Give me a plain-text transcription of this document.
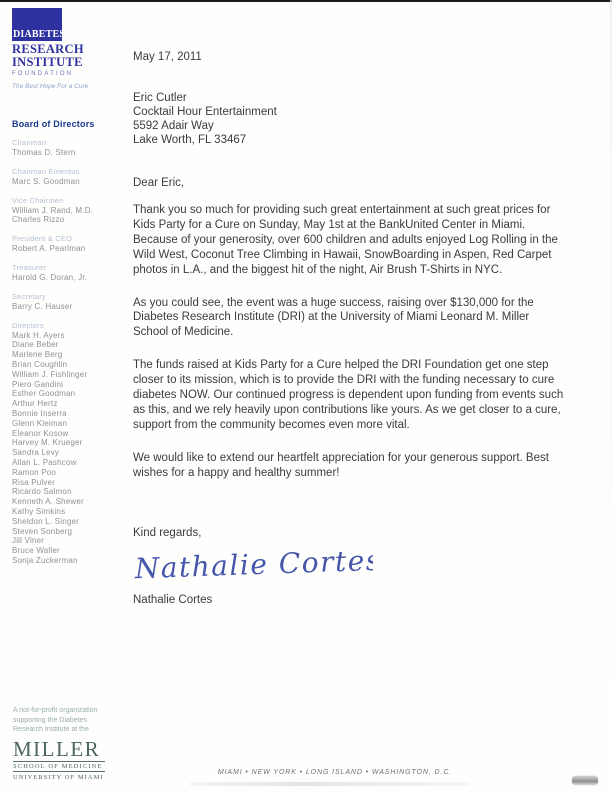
DIABETES
RESEARCH
INSTITUTE
FOUNDATION
The Best Hope For a Cure
Board of Directors
Chairman
Thomas D. Stern
Chairman Emeritus
Marc S. Goodman
Vice Chairmen
William J. Rand, M.D.
Charles Rizzo
President & CEO
Robert A. Pearlman
Treasurer
Harold G. Doran, Jr.
Secretary
Barry C. Hauser
Directors
Mark H. Ayers
Diane Beber
Marlene Berg
Brian Coughlin
William J. Fishlinger
Piero Gandini
Esther Goodman
Arthur Hertz
Bonnie Inserra
Glenn Kleiman
Eleanor Kosow
Harvey M. Krueger
Sandra Levy
Allan L. Pashcow
Ramon Poo
Risa Pulver
Ricardo Salmon
Kenneth A. Shewer
Kathy Simkins
Sheldon L. Singer
Steven Sonberg
Jill Viner
Bruce Waller
Sonja Zuckerman
A not-for-profit organization
supporting the Diabetes
Research Institute at the
MILLER
SCHOOL OF MEDICINE
UNIVERSITY OF MIAMI
May 17, 2011
Eric Cutler
Cocktail Hour Entertainment
5592 Adair Way
Lake Worth, FL 33467
Dear Eric,

Thank you so much for providing such great entertainment at such great prices for Kids Party for a Cure on Sunday, May 1st at the BankUnited Center in Miami. Because of your generosity, over 600 children and adults enjoyed Log Rolling in the Wild West, Coconut Tree Climbing in Hawaii, SnowBoarding in Aspen, Red Carpet photos in L.A., and the biggest hit of the night, Air Brush T-Shirts in NYC.

As you could see, the event was a huge success, raising over $130,000 for the Diabetes Research Institute (DRI) at the University of Miami Leonard M. Miller School of Medicine.

The funds raised at Kids Party for a Cure helped the DRI Foundation get one step closer to its mission, which is to provide the DRI with the funding necessary to cure diabetes NOW. Our continued progress is dependent upon funding from events such as this, and we rely heavily upon contributions like yours. As we get closer to a cure, support from the community becomes even more vital.

We would like to extend our heartfelt appreciation for your generous support. Best wishes for a happy and healthy summer!

Kind regards,
Nathalie Cortes
Nathalie Cortes
MIAMI • NEW YORK • LONG ISLAND • WASHINGTON, D.C.
